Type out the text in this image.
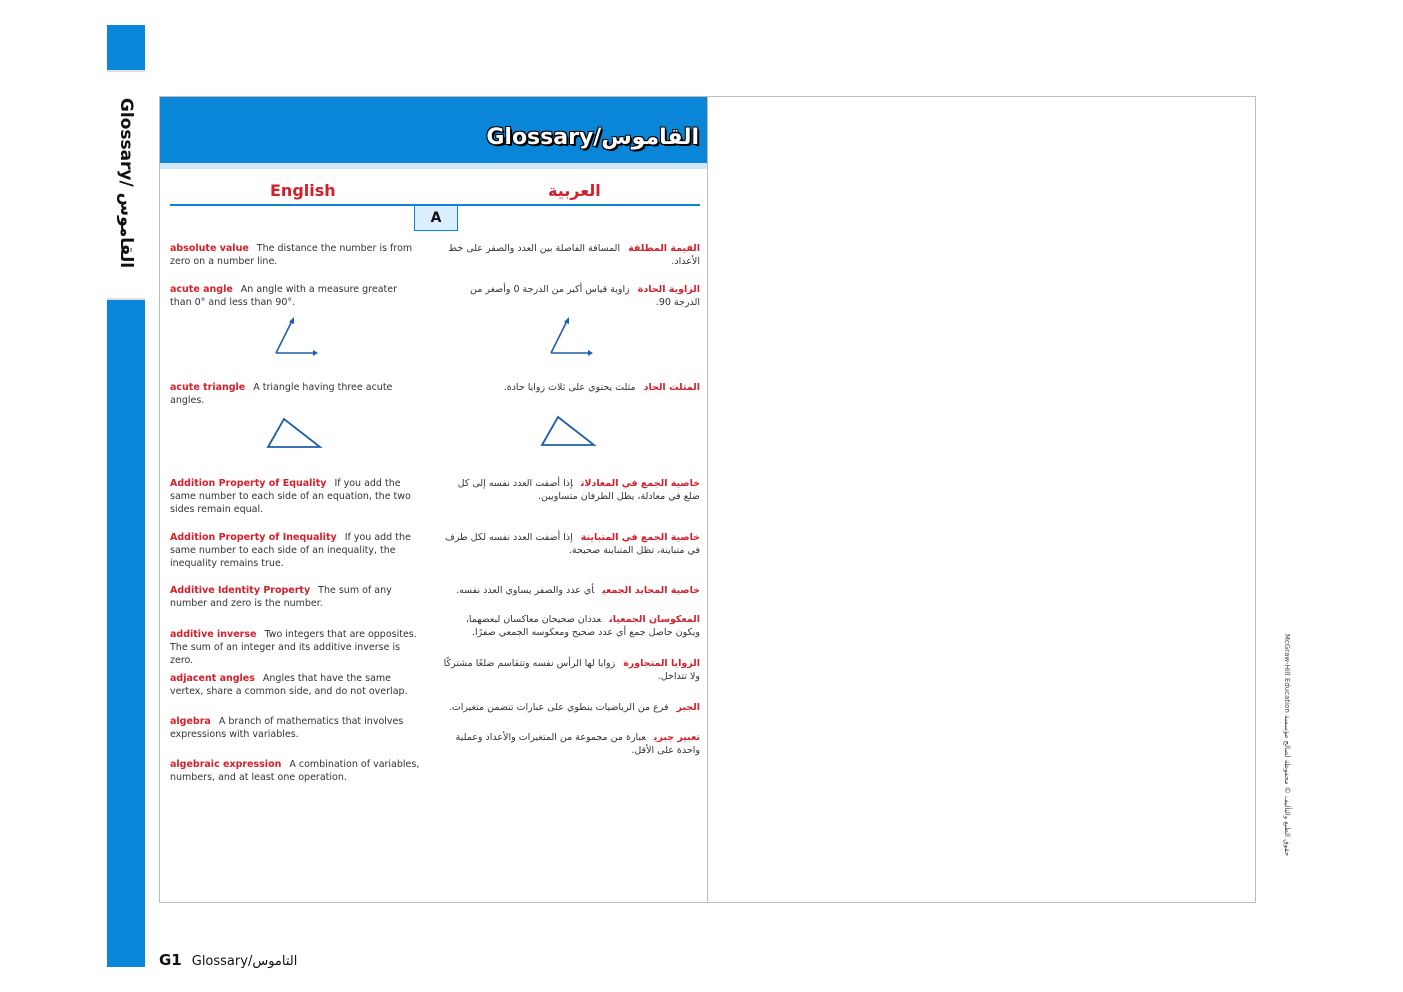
Glossary/ القاموس
Glossary/القاموس
English	العربية
A
absolute value The distance the number is from zero on a number line.
acute angle An angle with a measure greater than 0° and less than 90°.
acute triangle A triangle having three acute angles.
Addition Property of Equality If you add the same number to each side of an equation, the two sides remain equal.
Addition Property of Inequality If you add the same number to each side of an inequality, the inequality remains true.
Additive Identity Property The sum of any number and zero is the number.
additive inverse Two integers that are opposites. The sum of an integer and its additive inverse is zero.
adjacent angles Angles that have the same vertex, share a common side, and do not overlap.
algebra A branch of mathematics that involves expressions with variables.
algebraic expression A combination of variables, numbers, and at least one operation.
القيمة المطلقةالمسافة الفاصلة بين العدد والصفر على خط الأعداد.
الزاوية الحادةزاوية قياس أكبر من الدرجة 0 وأصغر من الدرجة 90.
المثلث الحادمثلث يحتوي على ثلاث زوايا حادة.
خاصية الجمع في المعادلاتإذا أضفت العدد نفسه إلى كل ضلع في معادلة، يظل الطرفان متساويين.
خاصية الجمع في المتباينةإذا أضفت العدد نفسه لكل طرف في متباينة، تظل المتباينة صحيحة.
خاصية المحايد الجمعيأي عدد والصفر يساوي العدد نفسه.
المعكوسان الجمعيانعددان صحيحان معاكسان لبعضهما، ويكون حاصل جمع أي عدد صحيح ومعكوسه الجمعي صفرًا.
الزوايا المتجاورةزوايا لها الرأس نفسه وتتقاسم ضلعًا مشتركًا ولا تتداخل.
الجبرفرع من الرياضيات ينطوي على عبارات تتضمن متغيرات.
تعبير جبريعبارة من مجموعة من المتغيرات والأعداد وعملية واحدة على الأقل.
McGraw-Hill Education حقوق الطبع والتأليف © محفوظة لصالح مؤسسة
G1 Glossary/التاموس
